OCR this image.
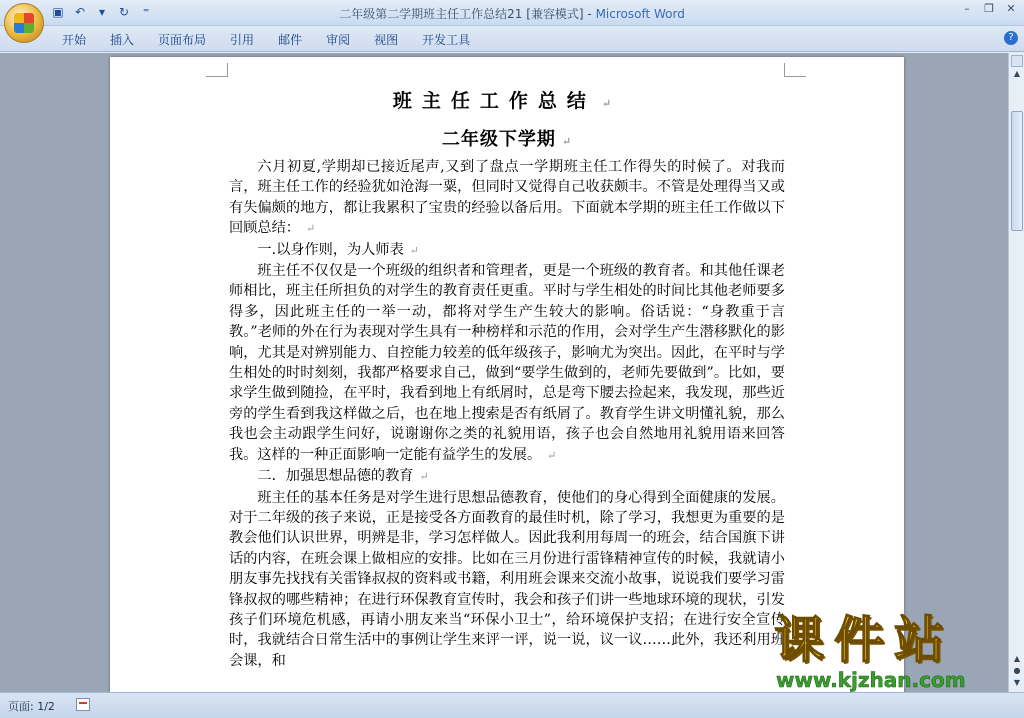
▣ ↶	▾	↻	⁼	二年级第二学期班主任工作总结21 [兼容模式] - Microsoft Word	–	❐ ✕
开始	插入	页面布局	引用	邮件	审阅	视图	开发工具	?
班主任工作总结 ↵
二年级下学期 ↵

六月初夏,学期却已接近尾声,又到了盘点一学期班主任工作得失的时候了。对我而言，班主任工作的经验犹如沧海一粟，但同时又觉得自己收获颇丰。不管是处理得当又或有失偏颇的地方，都让我累积了宝贵的经验以备后用。下面就本学期的班主任工作做以下回顾总结： ↵

一.以身作则，为人师表 ↵

班主任不仅仅是一个班级的组织者和管理者，更是一个班级的教育者。和其他任课老师相比，班主任所担负的对学生的教育责任更重。平时与学生相处的时间比其他老师要多得多，因此班主任的一举一动，都将对学生产生较大的影响。俗话说：“身教重于言教。”老师的外在行为表现对学生具有一种榜样和示范的作用，会对学生产生潜移默化的影响，尤其是对辨别能力、自控能力较差的低年级孩子，影响尤为突出。因此，在平时与学生相处的时时刻刻，我都严格要求自己，做到“要学生做到的，老师先要做到”。比如，要求学生做到随捡，在平时，我看到地上有纸屑时，总是弯下腰去捡起来，我发现，那些近旁的学生看到我这样做之后，也在地上搜索是否有纸屑了。教育学生讲文明懂礼貌，那么我也会主动跟学生问好，说谢谢你之类的礼貌用语，孩子也会自然地用礼貌用语来回答我。这样的一种正面影响一定能有益学生的发展。 ↵

二．加强思想品德的教育 ↵

班主任的基本任务是对学生进行思想品德教育，使他们的身心得到全面健康的发展。对于二年级的孩子来说，正是接受各方面教育的最佳时机，除了学习，我想更为重要的是教会他们认识世界，明辨是非，学习怎样做人。因此我利用每周一的班会，结合国旗下讲话的内容，在班会课上做相应的安排。比如在三月份进行雷锋精神宣传的时候，我就请小朋友事先找找有关雷锋叔叔的资料或书籍，利用班会课来交流小故事，说说我们要学习雷锋叔叔的哪些精神；在进行环保教育宣传时，我会和孩子们讲一些地球环境的现状，引发孩子们环境危机感，再请小朋友来当“环保小卫士”，给环境保护支招；在进行安全宣传时，我就结合日常生活中的事例让学生来评一评，说一说，议一议……此外，我还利用班会课，和

▲
▲
●
▼
页面: 1/2
课件站
www.kjzhan.com
